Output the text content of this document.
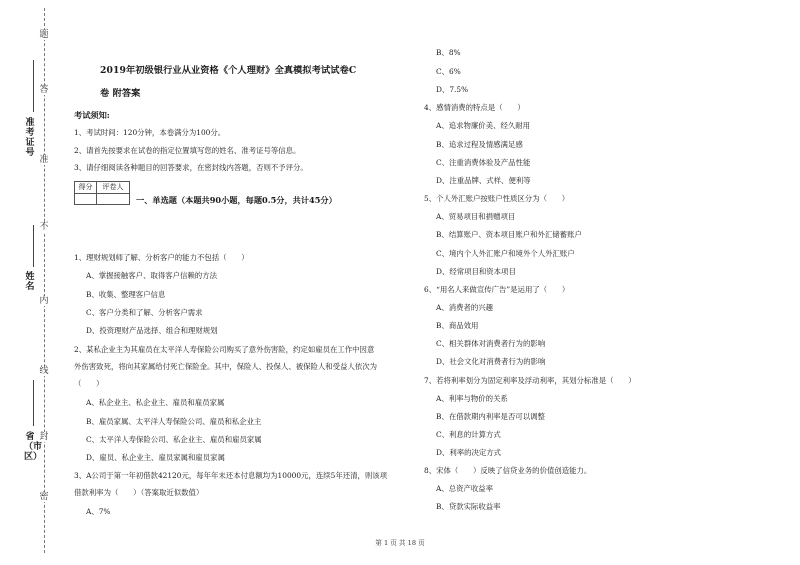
题
答
准
不
内
线
封
密
准考证号
姓名
省（市区）
2019年初级银行业从业资格《个人理财》全真模拟考试试卷C
卷 附答案
考试须知:
1、考试时间：120分钟，本卷满分为100分。
2、请首先按要求在试卷的指定位置填写您的姓名、准考证号等信息。
3、请仔细阅读各种题目的回答要求，在密封线内答题，否则不予评分。
得分	评卷人
一、单选题（本题共90小题，每题0.5分，共计45分）
1、理财规划师了解、分析客户的能力不包括（　　）
A、掌握接触客户、取得客户信赖的方法
B、收集、整理客户信息
C、客户分类和了解、分析客户需求
D、投资理财产品选择、组合和理财规划
2、某私企业主为其雇员在太平洋人寿保险公司购买了意外伤害险，约定如雇员在工作中因意
外伤害致死，将向其家属给付死亡保险金。其中，保险人、投保人、被保险人和受益人依次为
（　　）
A、私企业主、私企业主、雇员和雇员家属
B、雇员家属、太平洋人寿保险公司、雇员和私企业主
C、太平洋人寿保险公司、私企业主、雇员和雇员家属
D、雇员、私企业主、雇员家属和雇员家属
3、A公司于第一年初借款42120元，每年年末还本付息额均为10000元，连续5年还清，则该项
借款利率为（　　）（答案取近似数值）
A、7%
B、8%
C、6%
D、7.5%
4、感情消费的特点是（　　）
A、追求物廉价美、经久耐用
B、追求过程及情感满足感
C、注重消费体验及产品性能
D、注重品牌、式样、便利等
5、个人外汇账户按账户性质区分为（　　）
A、贸易项目和捐赠项目
B、结算账户、资本项目账户和外汇储蓄账户
C、境内个人外汇账户和境外个人外汇账户
D、经常项目和资本项目
6、“用名人来做宣传广告”是运用了（　　）
A、消费者的兴趣
B、商品效用
C、相关群体对消费者行为的影响
D、社会文化对消费者行为的影响
7、若将利率划分为固定利率及浮动利率，其划分标准是（　　）
A、利率与物价的关系
B、在借款期内利率是否可以调整
C、利息的计算方式
D、利率的决定方式
8、宋体（　　）反映了信贷业务的价值创造能力。
A、总资产收益率
B、贷款实际收益率
第 1 页 共 18 页
